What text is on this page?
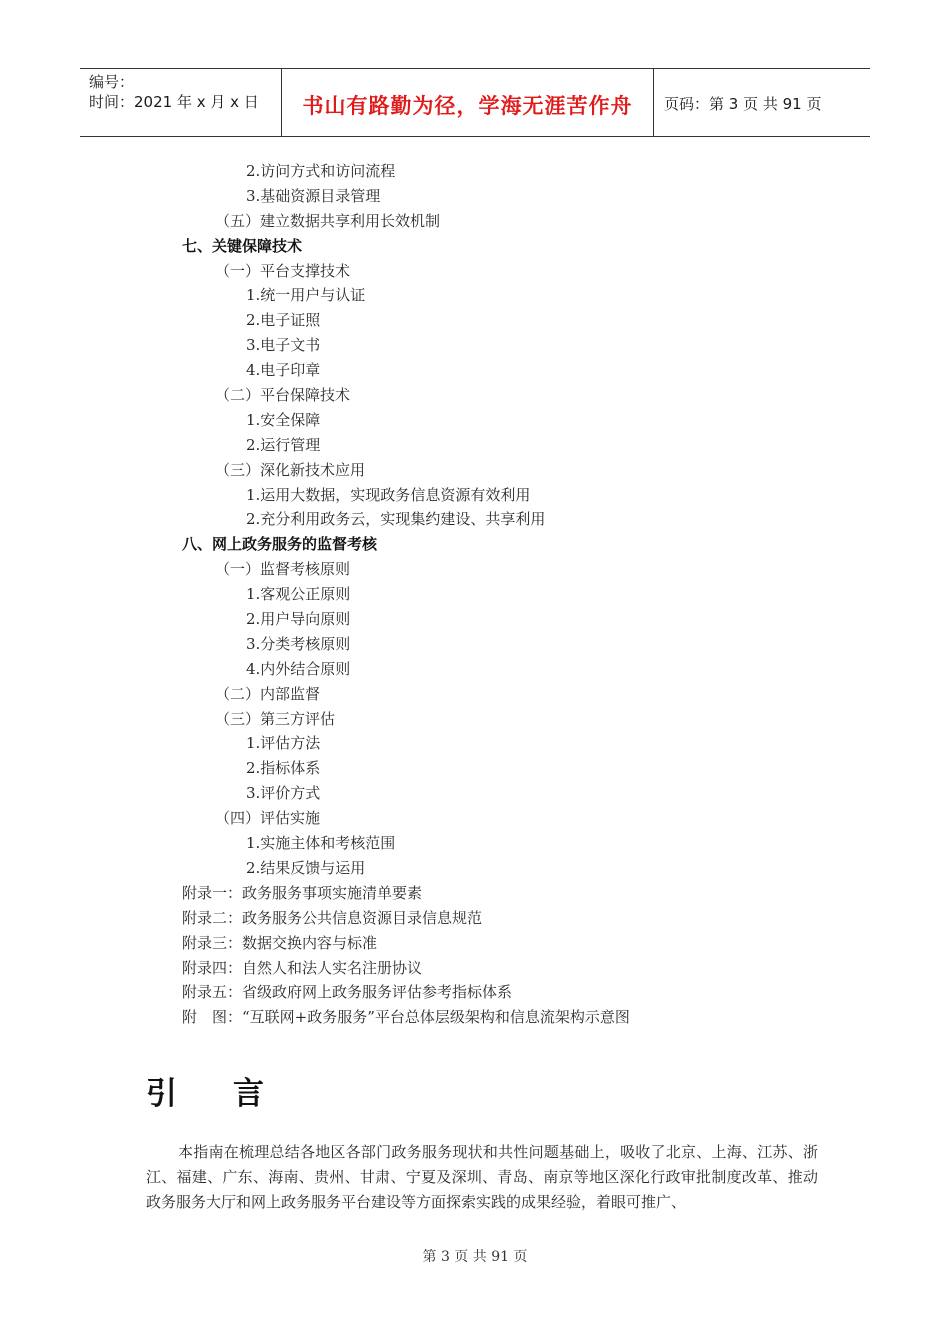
编号：
时间：2021 年 x 月 x 日	书山有路勤为径，学海无涯苦作舟	页码：第 3 页 共 91 页
2.访问方式和访问流程
3.基础资源目录管理
（五）建立数据共享利用长效机制
七、关键保障技术
（一）平台支撑技术
1.统一用户与认证
2.电子证照
3.电子文书
4.电子印章
（二）平台保障技术
1.安全保障
2.运行管理
（三）深化新技术应用
1.运用大数据，实现政务信息资源有效利用
2.充分利用政务云，实现集约建设、共享利用
八、网上政务服务的监督考核
（一）监督考核原则
1.客观公正原则
2.用户导向原则
3.分类考核原则
4.内外结合原则
（二）内部监督
（三）第三方评估
1.评估方法
2.指标体系
3.评价方式
（四）评估实施
1.实施主体和考核范围
2.结果反馈与运用
附录一：政务服务事项实施清单要素
附录二：政务服务公共信息资源目录信息规范
附录三：数据交换内容与标准
附录四：自然人和法人实名注册协议
附录五：省级政府网上政务服务评估参考指标体系
附　图：“互联网+政务服务”平台总体层级架构和信息流架构示意图
引言
本指南在梳理总结各地区各部门政务服务现状和共性问题基础上，吸收了北京、上海、江苏、浙江、福建、广东、海南、贵州、甘肃、宁夏及深圳、青岛、南京等地区深化行政审批制度改革、推动政务服务大厅和网上政务服务平台建设等方面探索实践的成果经验，着眼可推广、
第 3 页 共 91 页
